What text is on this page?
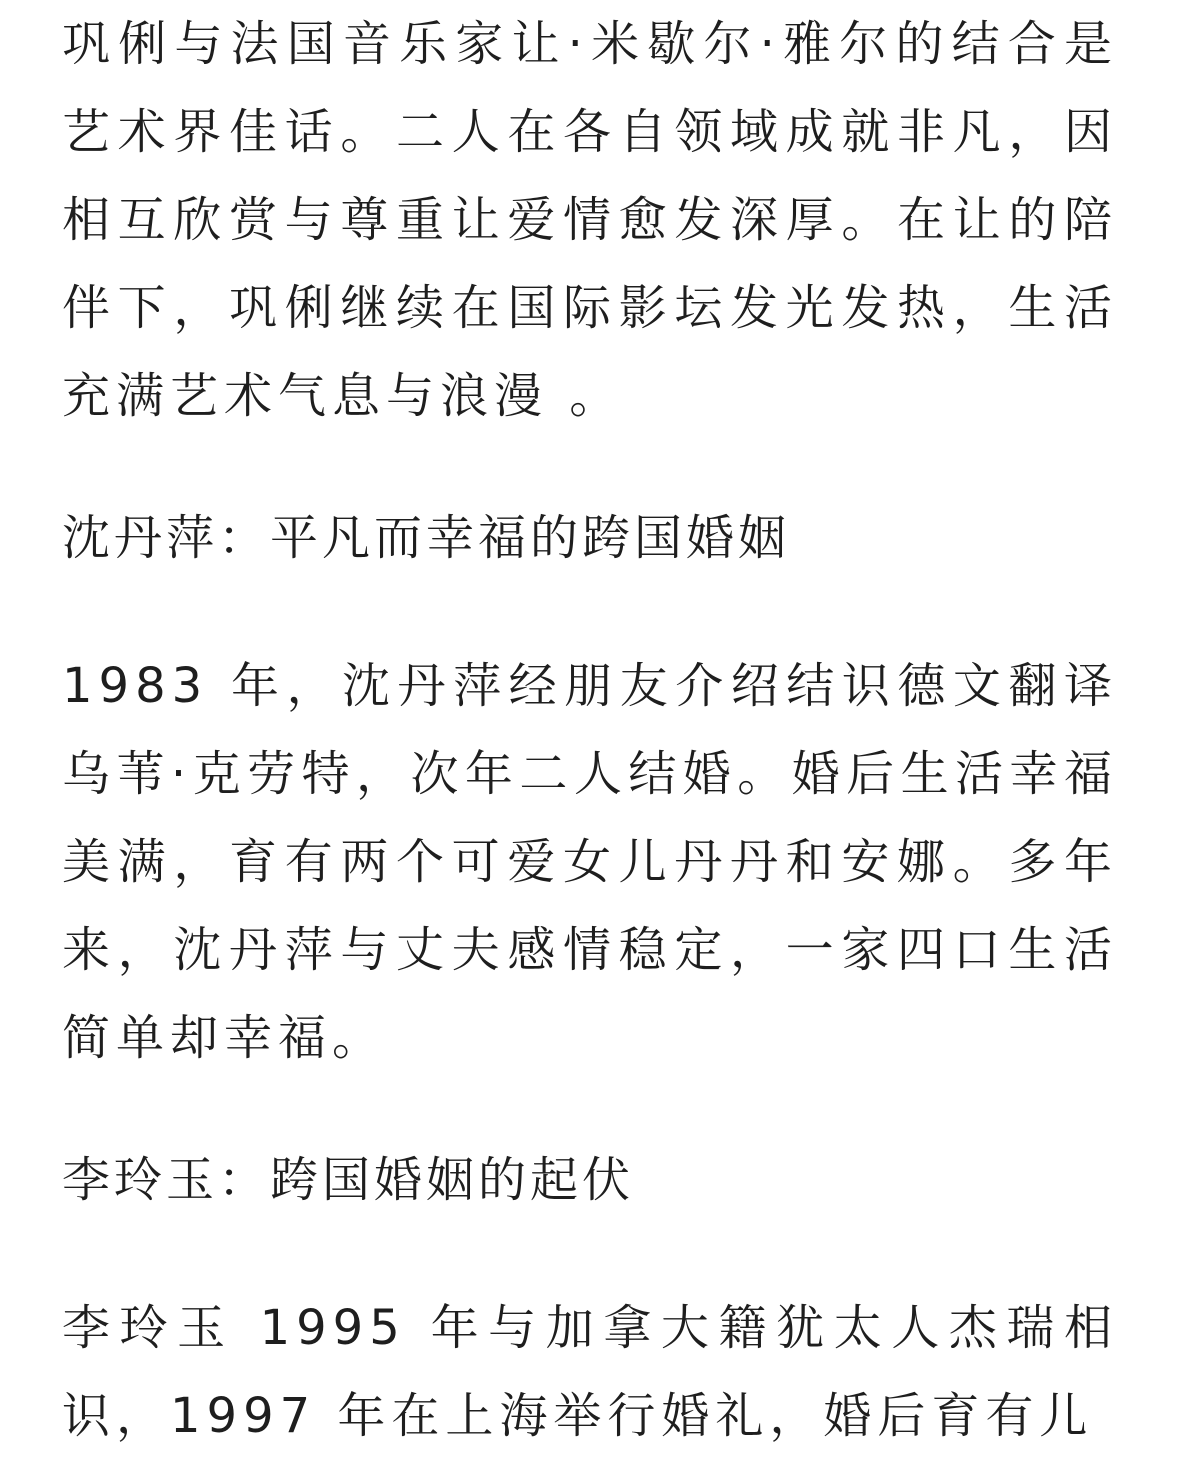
巩俐与法国音乐家让·米歇尔·雅尔的结合是艺术界佳话。二人在各自领域成就非凡，因相互欣赏与尊重让爱情愈发深厚。在让的陪伴下，巩俐继续在国际影坛发光发热，生活充满艺术气息与浪漫 。

沈丹萍：平凡而幸福的跨国婚姻

1983 年，沈丹萍经朋友介绍结识德文翻译乌苇·克劳特，次年二人结婚。婚后生活幸福美满，育有两个可爱女儿丹丹和安娜。多年来，沈丹萍与丈夫感情稳定，一家四口生活简单却幸福。

李玲玉：跨国婚姻的起伏

李玲玉 1995 年与加拿大籍犹太人杰瑞相识，1997 年在上海举行婚礼，婚后育有儿
